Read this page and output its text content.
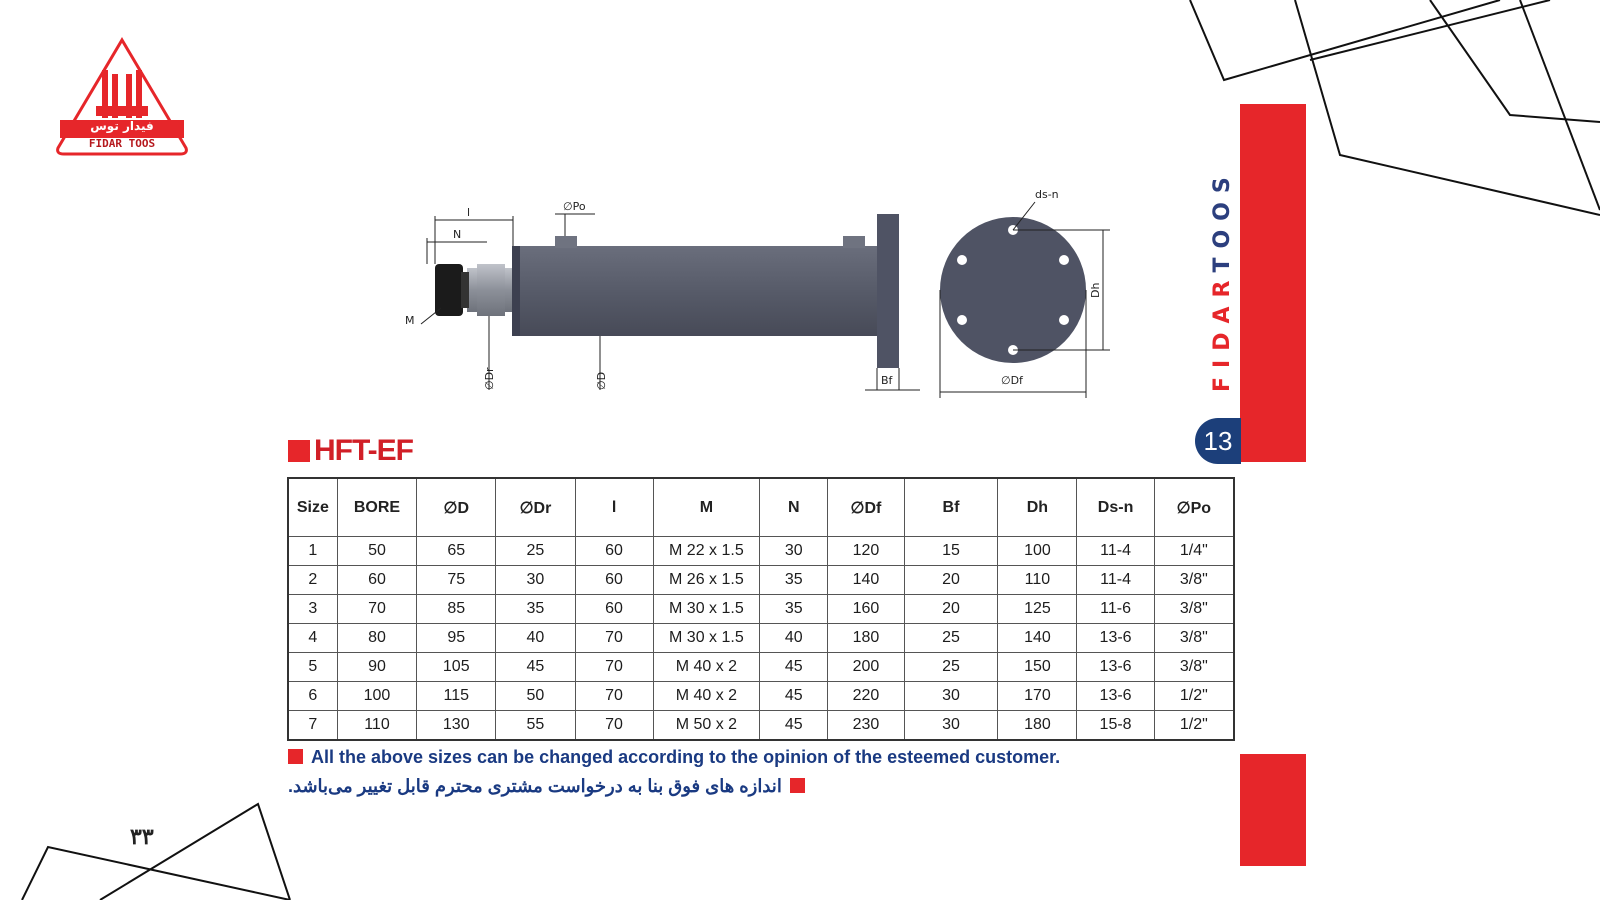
فیدار توس
FIDAR TOOS
l
N
M
∅Po
∅Dr	∅D	Bf	∅Df
Dh
ds-n
FIDARTOOS
13
HFT-EF
Size	BORE	∅D	∅Dr	l	M	N	∅Df	Bf	Dh	Ds-n	∅Po
1	50	65	25	60	M 22 x 1.5	30	120	15	100	11-4	1/4"
2	60	75	30	60	M 26 x 1.5	35	140	20	110	11-4	3/8"
3	70	85	35	60	M 30 x 1.5	35	160	20	125	11-6	3/8"
4	80	95	40	70	M 30 x 1.5	40	180	25	140	13-6	3/8"
5	90	105	45	70	M 40 x 2	45	200	25	150	13-6	3/8"
6	100	115	50	70	M 40 x 2	45	220	30	170	13-6	1/2"
7	110	130	55	70	M 50 x 2	45	230	30	180	15-8	1/2"
All the above sizes can be changed according to the opinion of the esteemed customer.
اندازه های فوق بنا به درخواست مشتری محترم قابل تغییر می‌باشد.
۳۳
